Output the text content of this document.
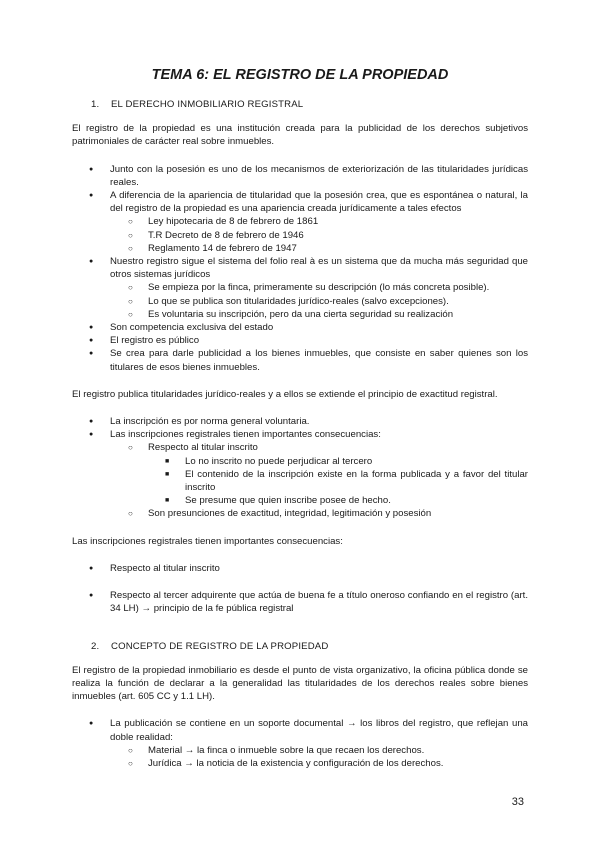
TEMA 6: EL REGISTRO DE LA PROPIEDAD
1. EL DERECHO INMOBILIARIO REGISTRAL
El registro de la propiedad es una institución creada para la publicidad de los derechos subjetivos patrimoniales de carácter real sobre inmuebles.
● Junto con la posesión es uno de los mecanismos de exteriorización de las titularidades jurídicas reales.
● A diferencia de la apariencia de titularidad que la posesión crea, que es espontánea o natural, la del registro de la propiedad es una apariencia creada jurídicamente a tales efectos
○ Ley hipotecaria de 8 de febrero de 1861
○ T.R Decreto de 8 de febrero de 1946
○ Reglamento 14 de febrero de 1947
● Nuestro registro sigue el sistema del folio real à es un sistema que da mucha más seguridad que otros sistemas jurídicos
○ Se empieza por la finca, primeramente su descripción (lo más concreta posible).
○ Lo que se publica son titularidades jurídico-reales (salvo excepciones).
○ Es voluntaria su inscripción, pero da una cierta seguridad su realización
● Son competencia exclusiva del estado
● El registro es público
● Se crea para darle publicidad a los bienes inmuebles, que consiste en saber quienes son los titulares de esos bienes inmuebles.
El registro publica titularidades jurídico-reales y a ellos se extiende el principio de exactitud registral.
● La inscripción es por norma general voluntaria.
● Las inscripciones registrales tienen importantes consecuencias:
○ Respecto al titular inscrito
■ Lo no inscrito no puede perjudicar al tercero
■ El contenido de la inscripción existe en la forma publicada y a favor del titular inscrito
■ Se presume que quien inscribe posee de hecho.
○ Son presunciones de exactitud, integridad, legitimación y posesión
Las inscripciones registrales tienen importantes consecuencias:
● Respecto al titular inscrito
● Respecto al tercer adquirente que actúa de buena fe a título oneroso confiando en el registro (art. 34 LH) → principio de la fe pública registral
2. CONCEPTO DE REGISTRO DE LA PROPIEDAD
El registro de la propiedad inmobiliario es desde el punto de vista organizativo, la oficina pública donde se realiza la función de declarar a la generalidad las titularidades de los derechos reales sobre bienes inmuebles (art. 605 CC y 1.1 LH).
● La publicación se contiene en un soporte documental → los libros del registro, que reflejan una doble realidad:
○ Material → la finca o inmueble sobre la que recaen los derechos.
○ Jurídica → la noticia de la existencia y configuración de los derechos.
33
